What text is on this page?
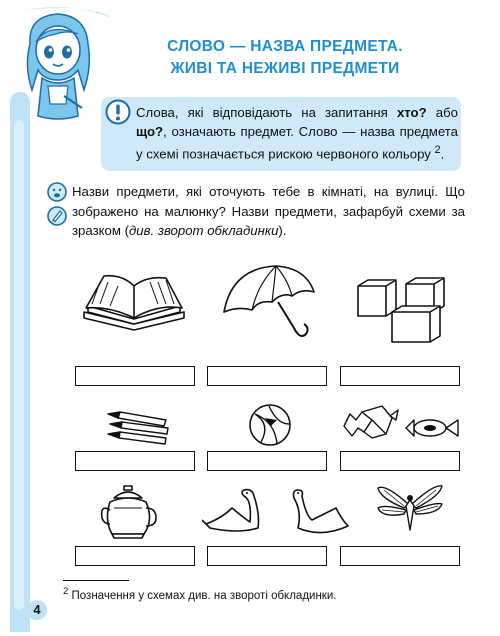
СЛОВО — НАЗВА ПРЕДМЕТА.
ЖИВІ ТА НЕЖИВІ ПРЕДМЕТИ
Слова, які відповідають на запитання хто? або що?, означають предмет. Слово — назва предмета у схемі позначається рискою червоного кольору $^2$.
Назви предмети, які оточують тебе в кімнаті, на вулиці. Що зображено на малюнку? Назви предмети, зафарбуй схеми за зразком (див. зворот обкладинки).
$^2$ Позначення у схемах див. на звороті обкладинки.
4
